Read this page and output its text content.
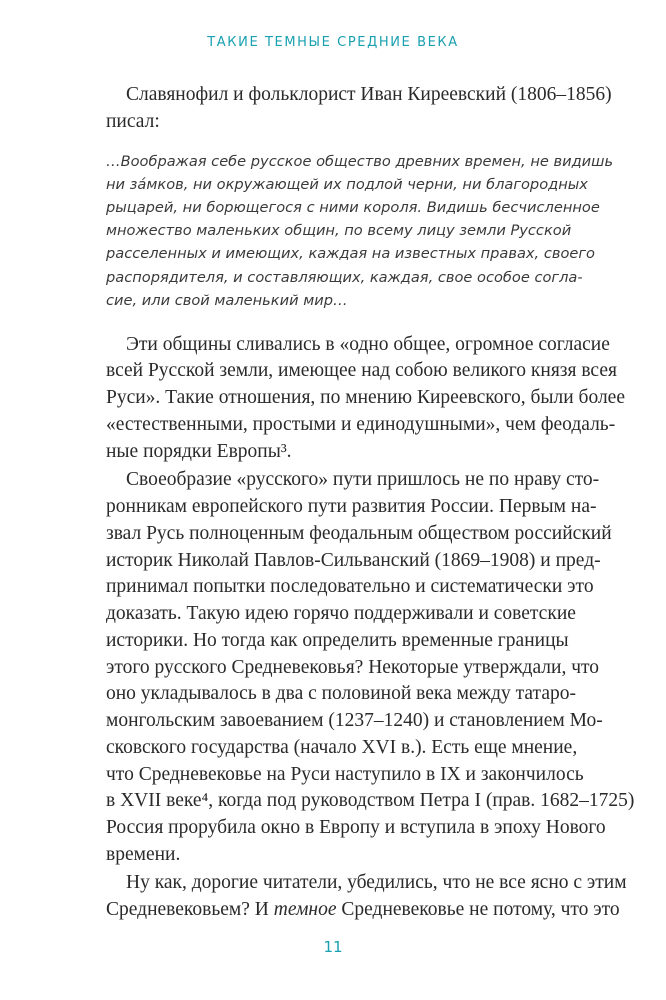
ТАКИЕ ТЕМНЫЕ СРЕДНИЕ ВЕКА
Славянофил и фольклорист Иван Киреевский (1806–1856)
писал:
…Воображая себе русское общество древних времен, не видишь
ни за́мков, ни окружающей их подлой черни, ни благородных
рыцарей, ни борющегося с ними короля. Видишь бесчисленное
множество маленьких общин, по всему лицу земли Русской
расселенных и имеющих, каждая на известных правах, своего
распорядителя, и составляющих, каждая, свое особое согла-
сие, или свой маленький мир…
Эти общины сливались в «одно общее, огромное согласие
всей Русской земли, имеющее над собою великого князя всея
Руси». Такие отношения, по мнению Киреевского, были более
«естественными, простыми и единодушными», чем феодаль-
ные порядки Европы³.
Своеобразие «русского» пути пришлось не по нраву сто-
ронникам европейского пути развития России. Первым на-
звал Русь полноценным феодальным обществом российский
историк Николай Павлов-Сильванский (1869–1908) и пред-
принимал попытки последовательно и систематически это
доказать. Такую идею горячо поддерживали и советские
историки. Но тогда как определить временные границы
этого русского Средневековья? Некоторые утверждали, что
оно укладывалось в два с половиной века между татаро-
монгольским завоеванием (1237–1240) и становлением Мо-
сковского государства (начало XVI в.). Есть еще мнение,
что Средневековье на Руси наступило в IX и закончилось
в XVII веке⁴, когда под руководством Петра I (прав. 1682–1725)
Россия прорубила окно в Европу и вступила в эпоху Нового
времени.
Ну как, дорогие читатели, убедились, что не все ясно с этим
Средневековьем? И темное Средневековье не потому, что это
11
